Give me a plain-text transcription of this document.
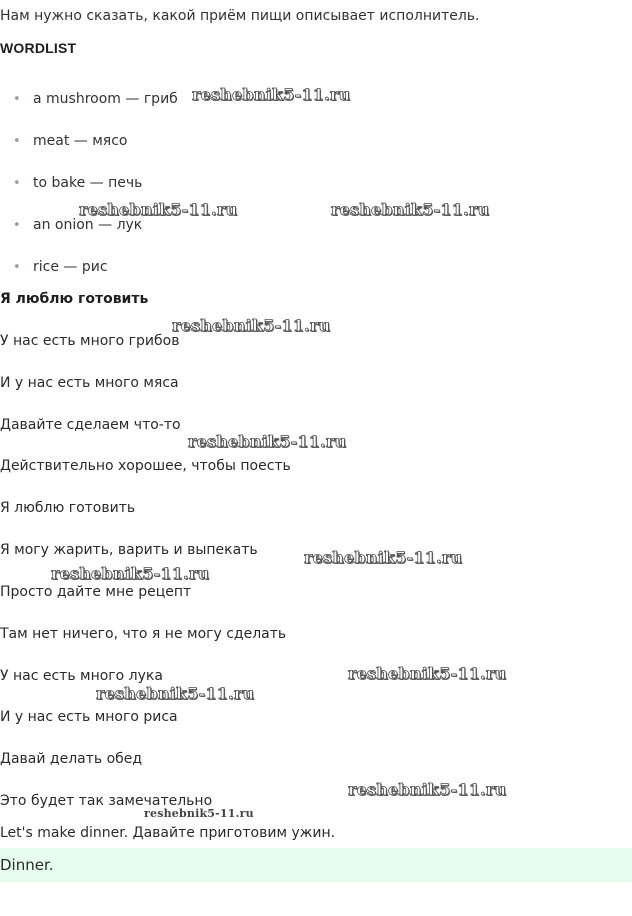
Нам нужно сказать, какой приём пищи описывает исполнитель.
WORDLIST
• a mushroom — гриб
• meat — мясо
• to bake — печь
• an onion — лук
• rice — рис
Я люблю готовить
У нас есть много грибов
И у нас есть много мяса
Давайте сделаем что-то
Действительно хорошее, чтобы поесть
Я люблю готовить
Я могу жарить, варить и выпекать
Просто дайте мне рецепт
Там нет ничего, что я не могу сделать
У нас есть много лука
И у нас есть много риса
Давай делать обед
Это будет так замечательно
Let's make dinner. Давайте приготовим ужин.
Dinner.
reshebnik5-11.ru
reshebnik5-11.ru	reshebnik5-11.ru
reshebnik5-11.ru
reshebnik5-11.ru
reshebnik5-11.ru
reshebnik5-11.ru
reshebnik5-11.ru
reshebnik5-11.ru
reshebnik5-11.ru
reshebnik5-11.ru
